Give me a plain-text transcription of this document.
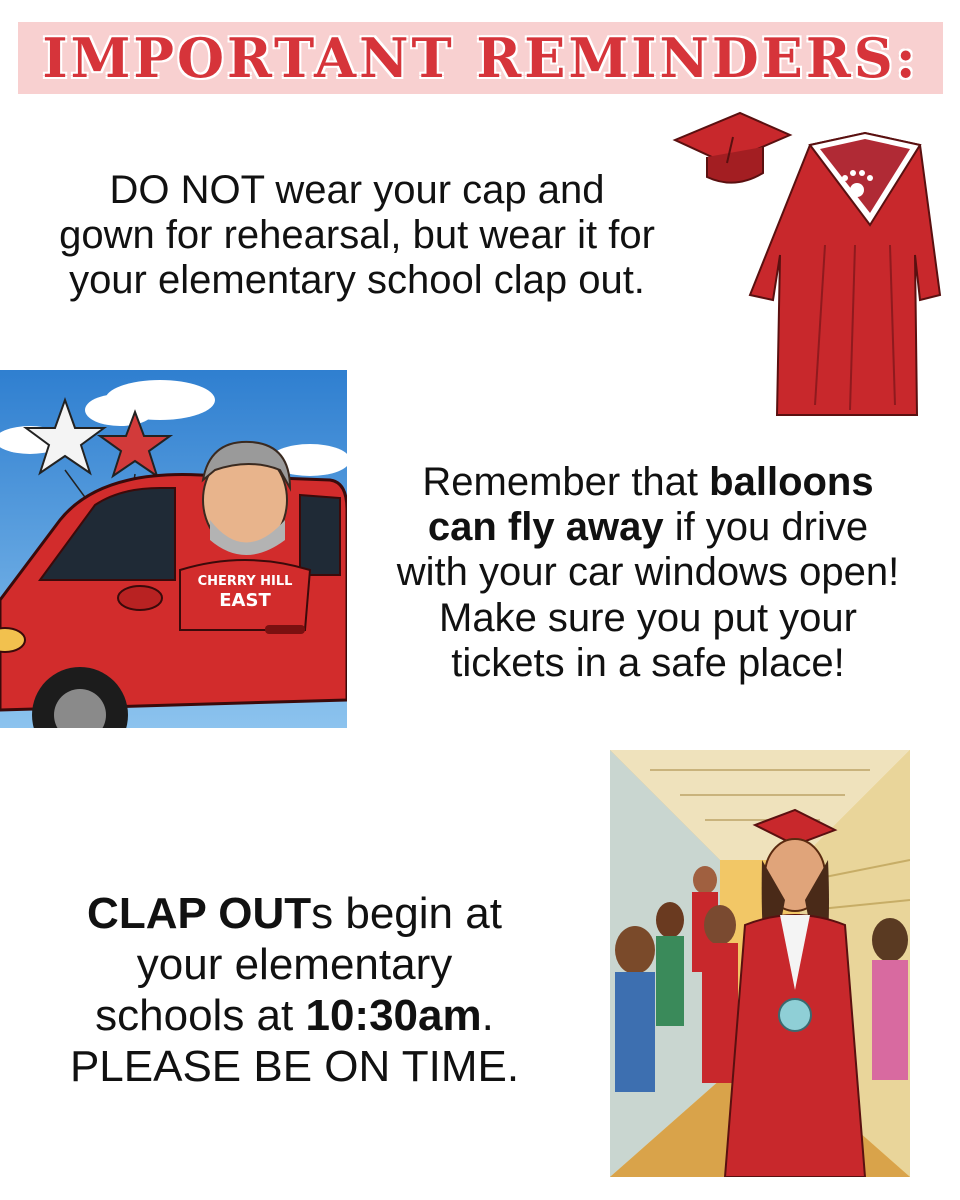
IMPORTANT REMINDERS:

DO NOT wear your cap and
gown for rehearsal, but wear it for
your elementary school clap out.

CHERRY HILL
EAST

Remember that balloons
can fly away if you drive
with your car windows open!
Make sure you put your
tickets in a safe place!

CLAP OUTs begin at
your elementary
schools at 10:30am.
PLEASE BE ON TIME.
